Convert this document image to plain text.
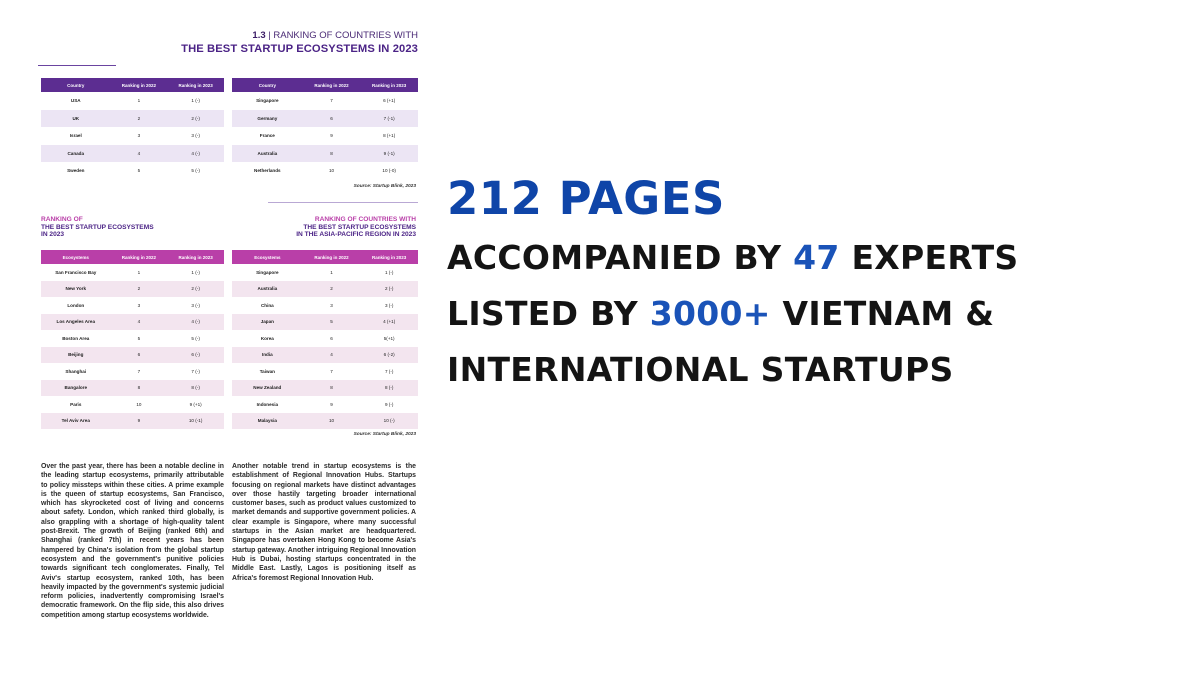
1.3 | RANKING OF COUNTRIES WITH
THE BEST STARTUP ECOSYSTEMS IN 2023
Country	Ranking in 2022	Ranking in 2023
USA	1	1 (-)
UK	2	2 (-)
Israel	3	3 (-)
Canada	4	4 (-)
Sweden	5	5 (-)
Country	Ranking in 2022	Ranking in 2023
Singapore	7	6 (+1)
Germany	6	7 (-1)
France	9	8 (+1)
Australia	8	9 (-1)
Netherlands	10	10 (-0)
Source: Startup Blink, 2023
RANKING OF
THE BEST STARTUP ECOSYSTEMS
IN 2023
RANKING OF COUNTRIES WITH
THE BEST STARTUP ECOSYSTEMS
IN THE ASIA-PACIFIC REGION IN 2023
Ecosystems	Ranking in 2022	Ranking in 2023
San Francisco Bay	1	1 (-)
New York	2	2 (-)
London	3	3 (-)
Los Angeles Area	4	4 (-)
Boston Area	5	5 (-)
Beijing	6	6 (-)
Shanghai	7	7 (-)
Bangalore	8	8 (-)
Paris	10	9 (+1)
Tel Aviv Area	9	10 (-1)
Ecosystems	Ranking in 2022	Ranking in 2023
Singapore	1	1 (-)
Australia	2	2 (-)
China	3	3 (-)
Japan	5	4 (+1)
Korea	6	5(+1)
India	4	6 (-2)
Taiwan	7	7 (-)
New Zealand	8	8 (-)
Indonesia	9	9 (-)
Malaysia	10	10 (-)
Source: Startup Blink, 2023
Over the past year, there has been a notable decline in the leading startup ecosystems, primarily attributable to policy missteps within these cities. A prime example is the queen of startup ecosystems, San Francisco, which has skyrocketed cost of living and concerns about safety. London, which ranked third globally, is also grappling with a shortage of high-quality talent post-Brexit. The growth of Beijing (ranked 6th) and Shanghai (ranked 7th) in recent years has been hampered by China's isolation from the global startup ecosystem and the government's punitive policies towards significant tech conglomerates. Finally, Tel Aviv's startup ecosystem, ranked 10th, has been heavily impacted by the government's systemic judicial reform policies, inadvertently compromising Israel's democratic framework. On the flip side, this also drives competition among startup ecosystems worldwide.
Another notable trend in startup ecosystems is the establishment of Regional Innovation Hubs. Startups focusing on regional markets have distinct advantages over those hastily targeting broader international customer bases, such as product values customized to market demands and supportive government policies. A clear example is Singapore, where many successful startups in the Asian market are headquartered. Singapore has overtaken Hong Kong to become Asia's startup gateway. Another intriguing Regional Innovation Hub is Dubai, hosting startups concentrated in the Middle East. Lastly, Lagos is positioning itself as Africa's foremost Regional Innovation Hub.
212 PAGES
ACCOMPANIED BY 47 EXPERTS
LISTED BY 3000+ VIETNAM &
INTERNATIONAL STARTUPS
